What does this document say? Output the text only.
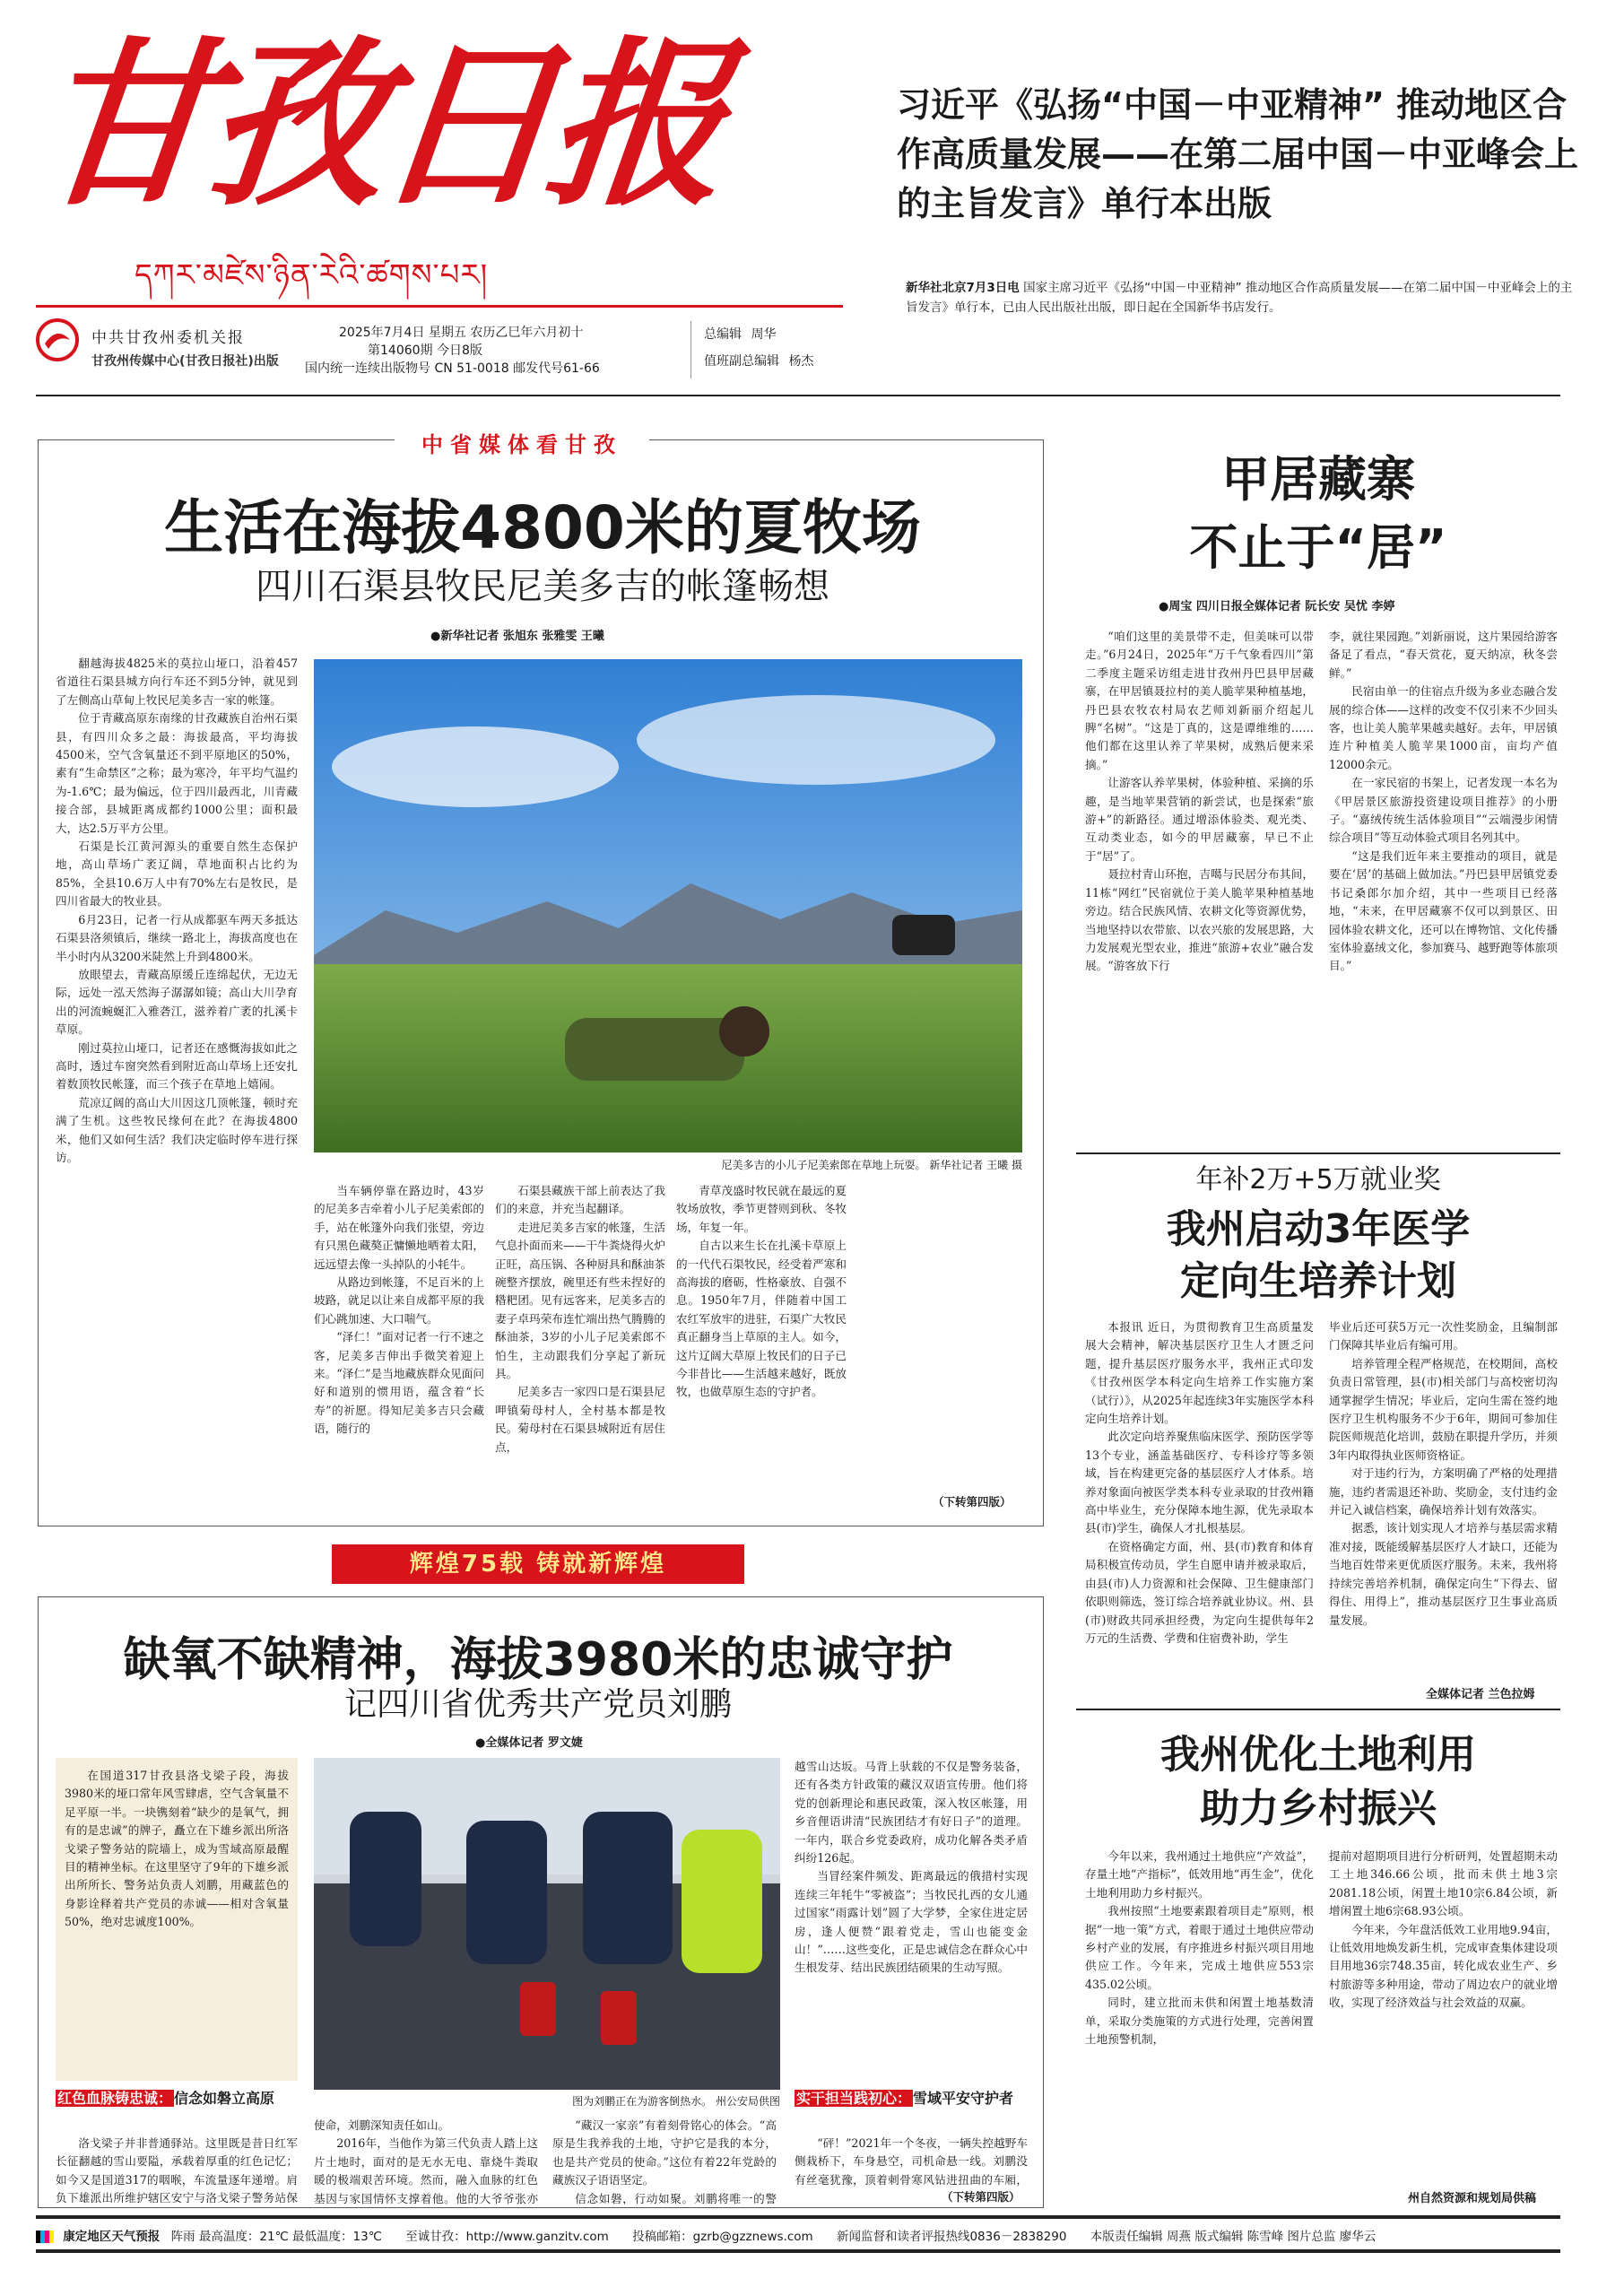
甘孜日报
དཀར་མཛེས་ཉིན་རེའི་ཚགས་པར།
中共甘孜州委机关报
甘孜州传媒中心(甘孜日报社)出版
2025年7月4日 星期五 农历乙巳年六月初十
第14060期 今日8版
国内统一连续出版物号 CN 51-0018 邮发代号61-66
总编辑 周华
值班副总编辑 杨杰
习近平《弘扬“中国－中亚精神” 推动地区合作高质量发展——在第二届中国－中亚峰会上的主旨发言》单行本出版
新华社北京7月3日电 国家主席习近平《弘扬“中国－中亚精神” 推动地区合作高质量发展——在第二届中国－中亚峰会上的主旨发言》单行本，已由人民出版社出版，即日起在全国新华书店发行。
中省媒体看甘孜
生活在海拔4800米的夏牧场
四川石渠县牧民尼美多吉的帐篷畅想
●新华社记者 张旭东 张雅雯 王曦

翻越海拔4825米的莫拉山垭口，沿着457省道往石渠县城方向行车还不到5分钟，就见到了左侧高山草甸上牧民尼美多吉一家的帐篷。

位于青藏高原东南缘的甘孜藏族自治州石渠县，有四川众多之最：海拔最高，平均海拔4500米，空气含氧量还不到平原地区的50%，素有“生命禁区”之称；最为寒冷，年平均气温约为-1.6℃；最为偏远，位于四川最西北，川青藏接合部，县城距离成都约1000公里；面积最大，达2.5万平方公里。

石渠是长江黄河源头的重要自然生态保护地，高山草场广袤辽阔，草地面积占比约为85%，全县10.6万人中有70%左右是牧民，是四川省最大的牧业县。

6月23日，记者一行从成都驱车两天多抵达石渠县洛须镇后，继续一路北上，海拔高度也在半小时内从3200米陡然上升到4800米。

放眼望去，青藏高原缓丘连绵起伏，无边无际，远处一泓天然海子潺潺如镜；高山大川孕育出的河流蜿蜒汇入雅砻江，滋养着广袤的扎溪卡草原。

刚过莫拉山垭口，记者还在感慨海拔如此之高时，透过车窗突然看到附近高山草场上还安扎着数顶牧民帐篷，而三个孩子在草地上嬉闹。

荒凉辽阔的高山大川因这几顶帐篷，顿时充满了生机。这些牧民缘何在此？在海拔4800米，他们又如何生活？我们决定临时停车进行探访。

尼美多吉的小儿子尼美索郎在草地上玩耍。 新华社记者 王曦 摄

当车辆停靠在路边时，43岁的尼美多吉牵着小儿子尼美索郎的手，站在帐篷外向我们张望，旁边有只黑色藏獒正慵懒地晒着太阳，远远望去像一头掉队的小牦牛。

从路边到帐篷，不足百米的上坡路，就足以让来自成都平原的我们心跳加速、大口喘气。

“泽仁！”面对记者一行不速之客，尼美多吉伸出手微笑着迎上来。“泽仁”是当地藏族群众见面问好和道别的惯用语，蕴含着“长寿”的祈愿。得知尼美多吉只会藏语，随行的

石渠县藏族干部上前表达了我们的来意，并充当起翻译。

走进尼美多吉家的帐篷，生活气息扑面而来——干牛粪烧得火炉正旺，高压锅、各种厨具和酥油茶碗整齐摆放，碗里还有些未捏好的糌粑团。见有远客来，尼美多吉的妻子卓玛荣布连忙端出热气腾腾的酥油茶，3岁的小儿子尼美索郎不怕生，主动跟我们分享起了新玩具。

尼美多吉一家四口是石渠县尼呷镇菊母村人，全村基本都是牧民。菊母村在石渠县城附近有居住点，

青草茂盛时牧民就在最远的夏牧场放牧，季节更替则到秋、冬牧场，年复一年。

自古以来生长在扎溪卡草原上的一代代石渠牧民，经受着严寒和高海拔的磨砺，性格豪放、自强不息。1950年7月，伴随着中国工农红军放牢的进驻，石渠广大牧民真正翻身当上草原的主人。如今，这片辽阔大草原上牧民们的日子已今非昔比——生活越来越好，既放牧，也做草原生态的守护者。

（下转第四版）
辉煌75载 铸就新辉煌
缺氧不缺精神，海拔3980米的忠诚守护
记四川省优秀共产党员刘鹏
●全媒体记者 罗文婕

在国道317甘孜县洛戈梁子段，海拔3980米的垭口常年风雪肆虐，空气含氧量不足平原一半。一块镌刻着“缺少的是氧气，拥有的是忠诚”的牌子，矗立在下雄乡派出所洛戈梁子警务站的院墙上，成为雪域高原最醒目的精神坐标。在这里坚守了9年的下雄乡派出所所长、警务站负责人刘鹏，用藏蓝色的身影诠释着共产党员的赤诚——相对含氧量50%，绝对忠诚度100%。

图为刘鹏正在为游客倒热水。 州公安局供图
红色血脉铸忠诚： 信念如磐立高原

洛戈梁子并非普通驿站。这里既是昔日红军长征翻越的雪山要隘，承载着厚重的红色记忆；如今又是国道317的咽喉，车流量逐年递增。肩负下雄派出所维护辖区安宁与洛戈梁子警务站保

使命，刘鹏深知责任如山。

2016年，当他作为第三代负责人踏上这片土地时，面对的是无水无电、靠烧牛粪取暖的极端艰苦环境。然而，融入血脉的红色基因与家国情怀支撑着他。他的大爷爷张亦

“藏汉一家亲”有着刻骨铭心的体会。“高原是生我养我的土地，守护它是我的本分，也是共产党员的使命。”这位有着22年党龄的藏族汉子语语坚定。

信念如磐，行动如聚。刘鹏将唯一的警

越雪山达坂。马背上驮载的不仅是警务装备，还有各类方针政策的藏汉双语宣传册。他们将党的创新理论和惠民政策，深入牧区帐篷，用乡音俚语讲清“民族团结才有好日子”的道理。一年内，联合乡党委政府，成功化解各类矛盾纠纷126起。

当冒经案件频发、距离最远的俄措村实现连续三年牦牛“零被盗”；当牧民扎西的女儿通过国家“雨露计划”圆了大学梦，全家住进定居房，逢人便赞“跟着党走，雪山也能变金山！”……这些变化，正是忠诚信念在群众心中生根发芽、结出民族团结硕果的生动写照。

实干担当践初心： 雪域平安守护者

“砰！”2021年一个冬夜，一辆失控越野车侧栽桥下，车身悬空，司机命悬一线。刘鹏没有丝毫犹豫，顶着刺骨寒风钻进扭曲的车厢，

（下转第四版）
甲居藏寨
不止于“居”
●周宝 四川日报全媒体记者 阮长安 吴忧 李婷

“咱们这里的美景带不走，但美味可以带走。”6月24日，2025年“万千气象看四川”第二季度主题采访组走进甘孜州丹巴县甲居藏寨，在甲居镇聂拉村的美人脆苹果种植基地，丹巴县农牧农村局农艺师刘新丽介绍起儿脾“名树”。“这是丁真的，这是谭维维的……他们都在这里认养了苹果树，成熟后便来采摘。”

让游客认养苹果树，体验种植、采摘的乐趣，是当地苹果营销的新尝试，也是探索“旅游+”的新路径。通过增添体验类、观光类、互动类业态，如今的甲居藏寨，早已不止于“居”了。

聂拉村青山环抱，吉噶与民居分布其间，11栋“网红”民宿就位于美人脆苹果种植基地旁边。结合民族风情、农耕文化等资源优势，当地坚持以农带旅、以农兴旅的发展思路，大力发展观光型农业，推进“旅游+农业”融合发展。“游客放下行

李，就往果园跑。”刘新丽说，这片果园给游客备足了看点，“春天赏花，夏天纳凉，秋冬尝鲜。”

民宿由单一的住宿点升级为多业态融合发展的综合体——这样的改变不仅引来不少回头客，也让美人脆苹果越卖越好。去年，甲居镇连片种植美人脆苹果1000亩，亩均产值12000余元。

在一家民宿的书架上，记者发现一本名为《甲居景区旅游投资建设项目推荐》的小册子。“嘉绒传统生活体验项目”“云端漫步闲情综合项目”等互动体验式项目名列其中。

“这是我们近年来主要推动的项目，就是要在‘居’的基础上做加法。”丹巴县甲居镇党委书记桑郎尔加介绍，其中一些项目已经落地，“未来，在甲居藏寨不仅可以到景区、田园体验农耕文化，还可以在博物馆、文化传播室体验嘉绒文化，参加赛马、越野跑等体旅项目。”

年补2万+5万就业奖
我州启动3年医学
定向生培养计划

本报讯 近日，为贯彻教育卫生高质量发展大会精神，解决基层医疗卫生人才匮乏问题，提升基层医疗服务水平，我州正式印发《甘孜州医学本科定向生培养工作实施方案（试行）》，从2025年起连续3年实施医学本科定向生培养计划。

此次定向培养聚焦临床医学、预防医学等13个专业，涵盖基础医疗、专科诊疗等多领域，旨在构建更完备的基层医疗人才体系。培养对象面向被医学类本科专业录取的甘孜州籍高中毕业生，充分保障本地生源，优先录取本县(市)学生，确保人才扎根基层。

在资格确定方面，州、县(市)教育和体育局积极宣传动员，学生自愿申请并被录取后，由县(市)人力资源和社会保障、卫生健康部门依职则筛选，签订综合培养就业协议。州、县(市)财政共同承担经费，为定向生提供每年2万元的生活费、学费和住宿费补助，学生

毕业后还可获5万元一次性奖励金，且编制部门保障其毕业后有编可用。

培养管理全程严格规范，在校期间，高校负责日常管理，县(市)相关部门与高校密切沟通掌握学生情况；毕业后，定向生需在签约地医疗卫生机构服务不少于6年，期间可参加住院医师规范化培训，鼓励在职提升学历，并须3年内取得执业医师资格证。

对于违约行为，方案明确了严格的处理措施，违约者需退还补助、奖励金，支付违约金并记入诚信档案，确保培养计划有效落实。

据悉，该计划实现人才培养与基层需求精准对接，既能缓解基层医疗人才缺口，还能为当地百姓带来更优质医疗服务。未来，我州将持续完善培养机制，确保定向生“下得去、留得住、用得上”，推动基层医疗卫生事业高质量发展。

全媒体记者 兰色拉姆
我州优化土地利用
助力乡村振兴

今年以来，我州通过土地供应“产效益”，存量土地“产指标”，低效用地“再生金”，优化土地利用助力乡村振兴。

我州按照“土地要素跟着项目走”原则，根据“一地一策”方式，着眼于通过土地供应带动乡村产业的发展，有序推进乡村振兴项目用地供应工作。今年来，完成土地供应553宗435.02公顷。

同时，建立批而未供和闲置土地基数清单，采取分类施策的方式进行处理，完善闲置土地预警机制，

提前对超期项目进行分析研判，处置超期未动工土地346.66公顷，批而未供土地3宗2081.18公顷，闲置土地10宗6.84公顷，新增闲置土地6宗68.93公顷。

今年来，今年盘活低效工业用地9.94亩，让低效用地焕发新生机，完成审查集体建设项目用地36宗748.35亩，转化成农业生产、乡村旅游等多种用途，带动了周边农户的就业增收，实现了经济效益与社会效益的双赢。

州自然资源和规划局供稿
康定地区天气预报 阵雨 最高温度：21℃ 最低温度：13℃ 至诚甘孜：http://www.ganzitv.com 投稿邮箱：gzrb@gzznews.com 新闻监督和读者评报热线0836－2838290 本版责任编辑 周燕 版式编辑 陈雪峰 图片总监 廖华云
